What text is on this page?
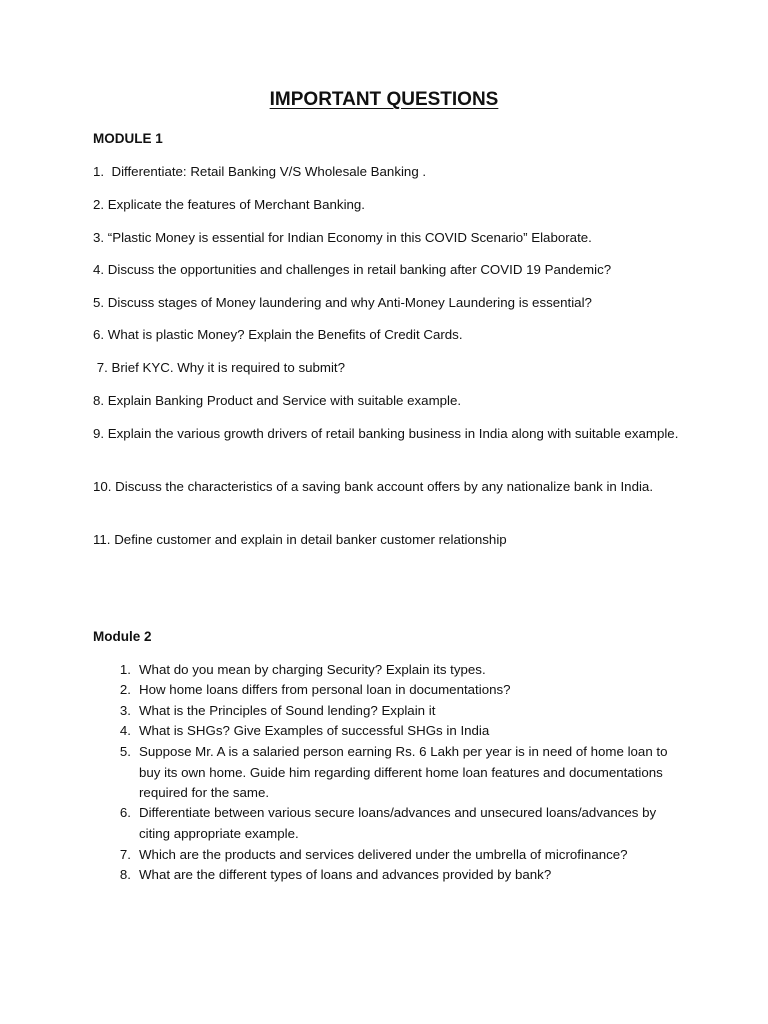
IMPORTANT QUESTIONS
MODULE 1
1.  Differentiate: Retail Banking V/S Wholesale Banking .
2. Explicate the features of Merchant Banking.
3. “Plastic Money is essential for Indian Economy in this COVID Scenario” Elaborate.
4. Discuss the opportunities and challenges in retail banking after COVID 19 Pandemic?
5. Discuss stages of Money laundering and why Anti-Money Laundering is essential?
6. What is plastic Money? Explain the Benefits of Credit Cards.
7. Brief KYC. Why it is required to submit?
8. Explain Banking Product and Service with suitable example.
9. Explain the various growth drivers of retail banking business in India along with suitable example.
10. Discuss the characteristics of a saving bank account offers by any nationalize bank in India.
11. Define customer and explain in detail banker customer relationship
Module 2
1. What do you mean by charging Security? Explain its types.
2. How home loans differs from personal loan in documentations?
3. What is the Principles of Sound lending? Explain it
4. What is SHGs? Give Examples of successful SHGs in India
5. Suppose Mr. A is a salaried person earning Rs. 6 Lakh per year is in need of home loan to buy its own home. Guide him regarding different home loan features and documentations required for the same.
6. Differentiate between various secure loans/advances and unsecured loans/advances by citing appropriate example.
7. Which are the products and services delivered under the umbrella of microfinance?
8. What are the different types of loans and advances provided by bank?
